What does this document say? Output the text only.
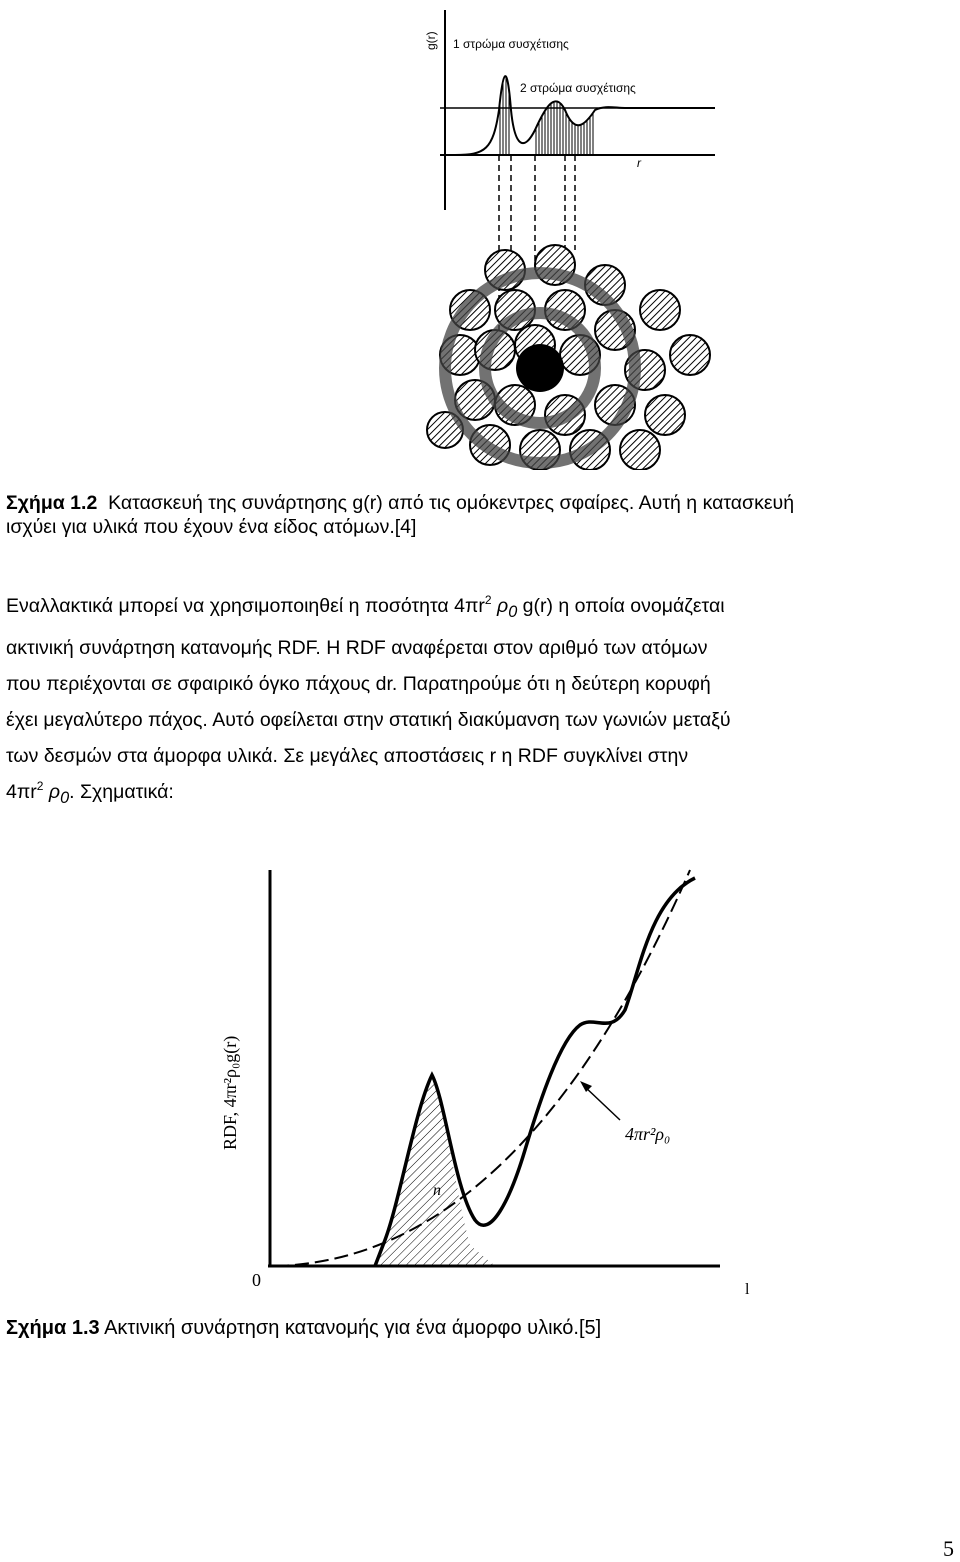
g(r)
r
1 στρώμα συσχέτισης
2 στρώμα συσχέτισης
Σχήμα 1.2 Κατασκευή της συνάρτησης g(r) από τις ομόκεντρες σφαίρες. Αυτή η κατασκευή
ισχύει για υλικά που έχουν ένα είδος ατόμων.[4]
Εναλλακτικά μπορεί να χρησιμοποιηθεί η ποσότητα $4\pi r^2$ $\rho_0$ g(r) η οποία ονομάζεται
ακτινική συνάρτηση κατανομής RDF. Η RDF αναφέρεται στον αριθμό των ατόμων
που περιέχονται σε σφαιρικό όγκο πάχους dr. Παρατηρούμε ότι η δεύτερη κορυφή
έχει μεγαλύτερο πάχος. Αυτό οφείλεται στην στατική διακύμανση των γωνιών μεταξύ
των δεσμών στα άμορφα υλικά. Σε μεγάλες αποστάσεις r η RDF συγκλίνει στην
$4\pi r^2$ $\rho_0$. Σχηματικά:
4πr²ρ₀
n
0	l
RDF, 4πr²ρ₀g(r)
Σχήμα 1.3 Ακτινική συνάρτηση κατανομής για ένα άμορφο υλικό.[5]
5
